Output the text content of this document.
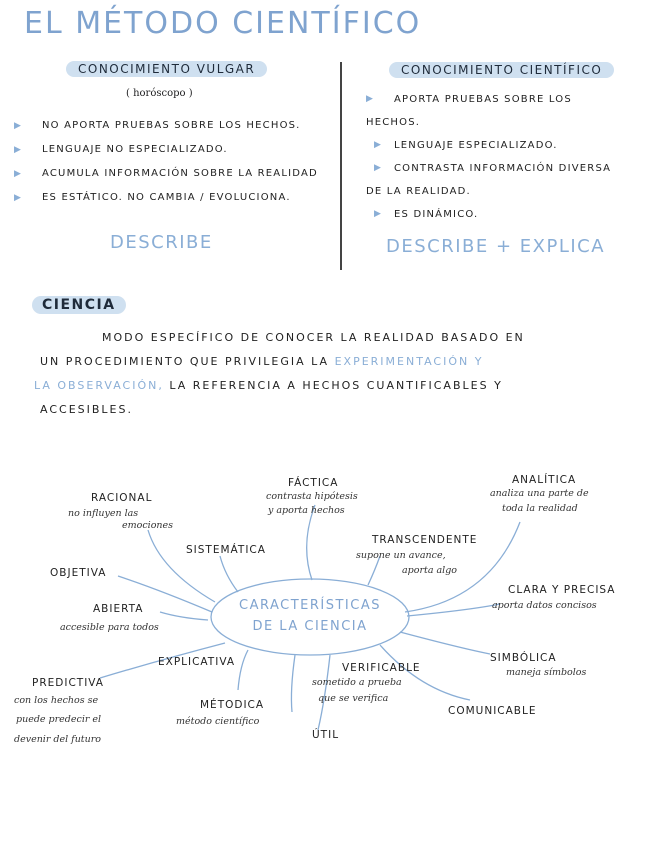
EL MÉTODO CIENTÍFICO
CONOCIMIENTO VULGAR
( horóscopo )
▶ NO APORTA PRUEBAS SOBRE LOS HECHOS.
▶ LENGUAJE NO ESPECIALIZADO.
▶ ACUMULA INFORMACIÓN SOBRE LA REALIDAD
▶ ES ESTÁTICO. NO CAMBIA / EVOLUCIONA.
DESCRIBE
CONOCIMIENTO CIENTÍFICO
▶ APORTA PRUEBAS SOBRE LOS
HECHOS.
▶ LENGUAJE ESPECIALIZADO.
▶ CONTRASTA INFORMACIÓN DIVERSA
DE LA REALIDAD.
▶ ES DINÁMICO.
DESCRIBE + EXPLICA
CIENCIA
MODO ESPECÍFICO DE CONOCER LA REALIDAD BASADO EN
UN PROCEDIMIENTO QUE PRIVILEGIA LA EXPERIMENTACIÓN Y
LA OBSERVACIÓN, LA REFERENCIA A HECHOS CUANTIFICABLES Y
ACCESIBLES.
CARACTERÍSTICAS
DE LA CIENCIA
RACIONAL
no influyen las
emociones
FÁCTICA
contrasta hipótesis
y aporta hechos
ANALÍTICA
analiza una parte de
toda la realidad
SISTEMÁTICA
TRANSCENDENTE
supone un avance,
aporta algo
OBJETIVA
CLARA Y PRECISA
aporta datos concisos
ABIERTA
accesible para todos
EXPLICATIVA	SIMBÓLICA
maneja símbolos
PREDICTIVA
con los hechos se
puede predecir el
devenir del futuro
VERIFICABLE
sometido a prueba
que se verifica
MÉTODICA
método científico
COMUNICABLE
ÚTIL
